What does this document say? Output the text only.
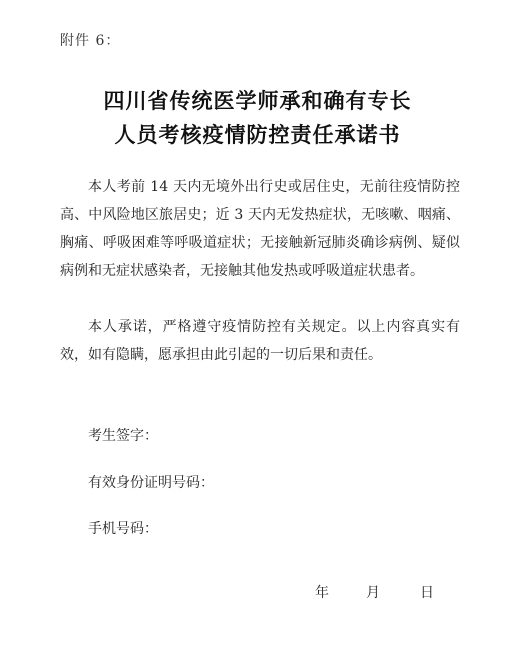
附件 6：
四川省传统医学师承和确有专长
人员考核疫情防控责任承诺书

本人考前 14 天内无境外出行史或居住史，无前往疫情防控高、中风险地区旅居史；近 3 天内无发热症状，无咳嗽、咽痛、胸痛、呼吸困难等呼吸道症状；无接触新冠肺炎确诊病例、疑似病例和无症状感染者，无接触其他发热或呼吸道症状患者。

本人承诺，严格遵守疫情防控有关规定。以上内容真实有效，如有隐瞒，愿承担由此引起的一切后果和责任。

考生签字：
有效身份证明号码：
手机号码：
年	月	日
